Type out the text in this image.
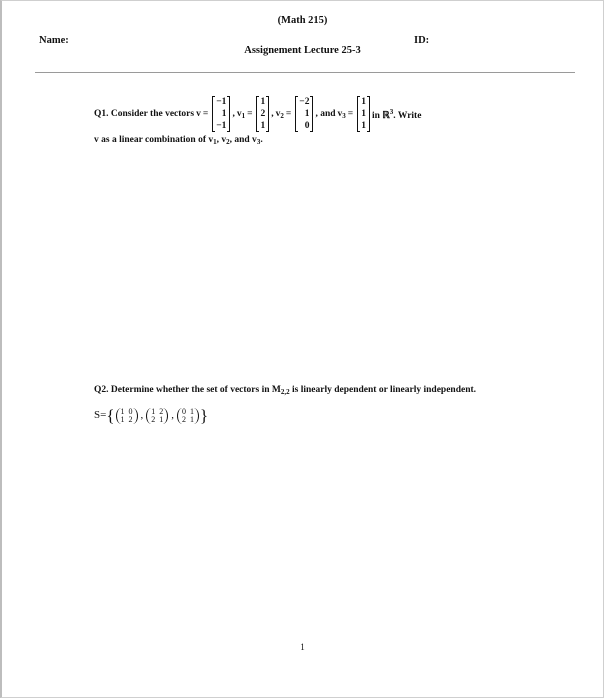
(Math 215)
Name:	ID:
Assignement Lecture 25-3
Q1. Consider the vectors v =
−1
1
−1
, $v_1$ =
1
2
1
, $v_2$ =
−2
1
0
, and $v_3$ =
1
1
1
in ℝ$^3$. Write
v as a linear combination of $v_1$, $v_2$, and $v_3$.
Q2. Determine whether the set of vectors in $M_{2,2}$ is linearly dependent or linearly independent.
S= { 1 0
1 2 , 1 2
2 1 , 0 1
2 1 }
1
